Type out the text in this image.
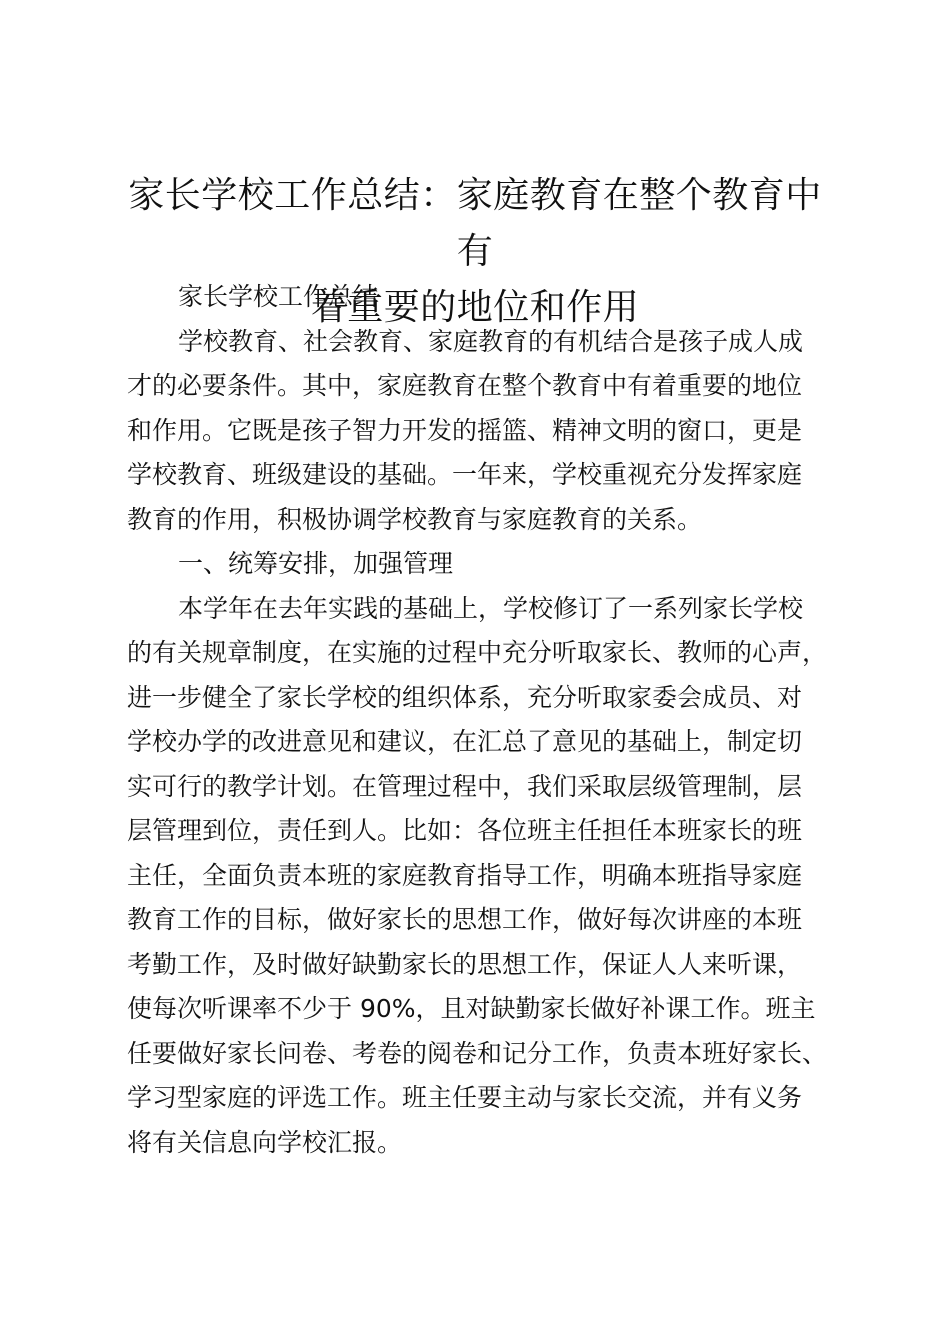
家长学校工作总结：家庭教育在整个教育中有
着重要的地位和作用
家长学校工作总结
学校教育、社会教育、家庭教育的有机结合是孩子成人成
才的必要条件。其中，家庭教育在整个教育中有着重要的地位
和作用。它既是孩子智力开发的摇篮、精神文明的窗口，更是
学校教育、班级建设的基础。一年来，学校重视充分发挥家庭
教育的作用，积极协调学校教育与家庭教育的关系。
一、统筹安排，加强管理
本学年在去年实践的基础上，学校修订了一系列家长学校
的有关规章制度，在实施的过程中充分听取家长、教师的心声，
进一步健全了家长学校的组织体系，充分听取家委会成员、对
学校办学的改进意见和建议，在汇总了意见的基础上，制定切
实可行的教学计划。在管理过程中，我们采取层级管理制，层
层管理到位，责任到人。比如：各位班主任担任本班家长的班
主任，全面负责本班的家庭教育指导工作，明确本班指导家庭
教育工作的目标，做好家长的思想工作，做好每次讲座的本班
考勤工作，及时做好缺勤家长的思想工作，保证人人来听课，
使每次听课率不少于 90%，且对缺勤家长做好补课工作。班主
任要做好家长问卷、考卷的阅卷和记分工作，负责本班好家长、
学习型家庭的评选工作。班主任要主动与家长交流，并有义务
将有关信息向学校汇报。
